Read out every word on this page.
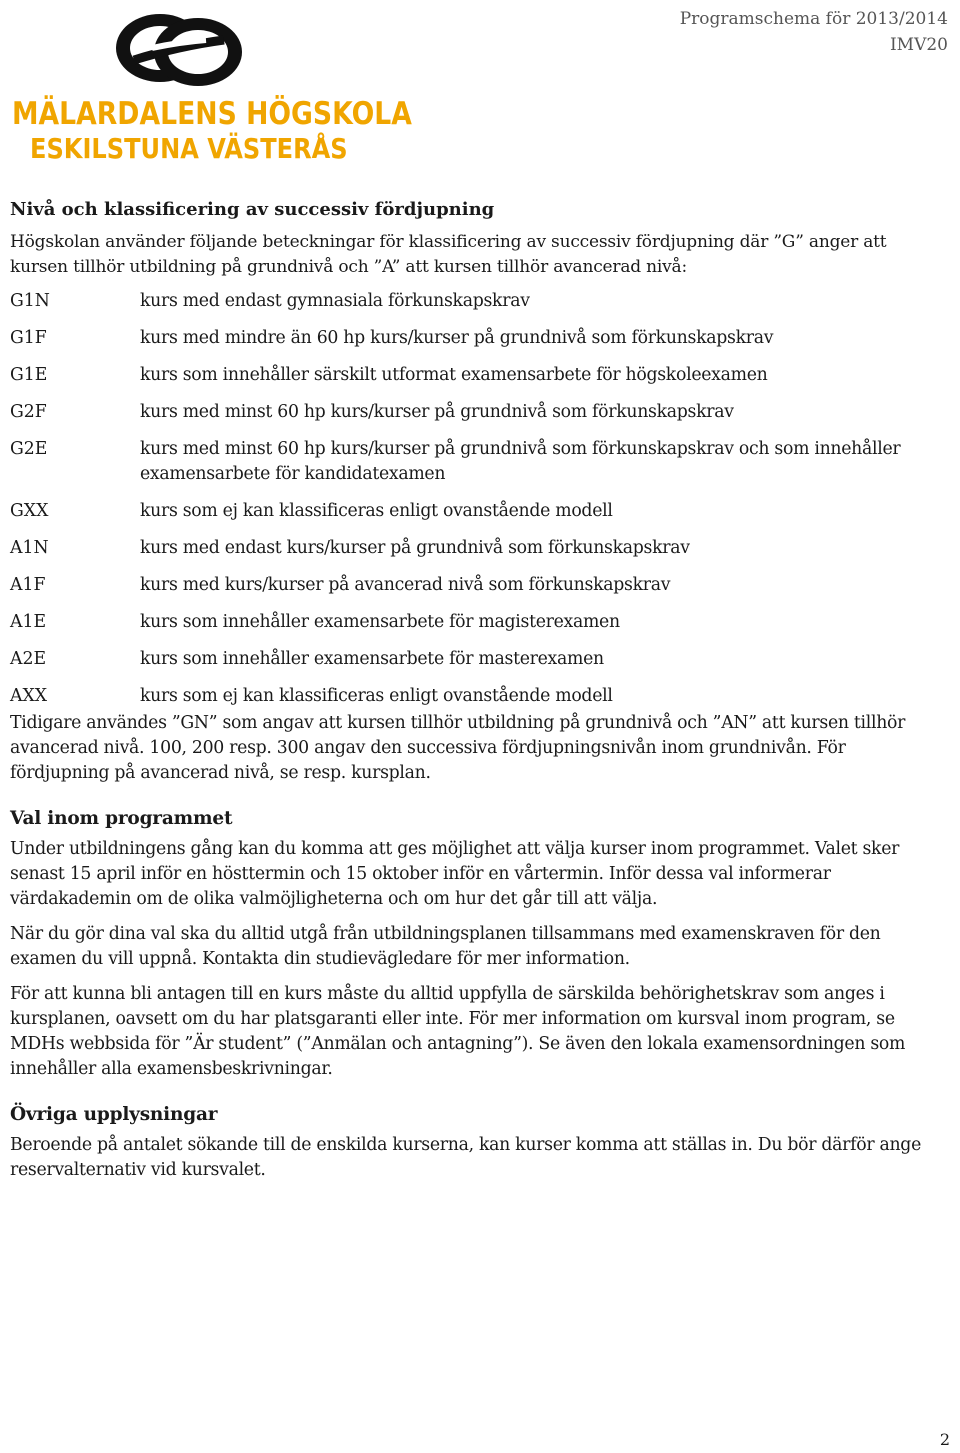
MÄLARDALENS HÖGSKOLA
ESKILSTUNA VÄSTERÅS
Programschema för 2013/2014
IMV20
Nivå och klassificering av successiv fördjupning

Högskolan använder följande beteckningar för klassificering av successiv fördjupning där ”G” anger att kursen tillhör utbildning på grundnivå och ”A” att kursen tillhör avancerad nivå:

G1N	kurs med endast gymnasiala förkunskapskrav
G1F	kurs med mindre än 60 hp kurs/kurser på grundnivå som förkunskapskrav
G1E	kurs som innehåller särskilt utformat examensarbete för högskoleexamen
G2F	kurs med minst 60 hp kurs/kurser på grundnivå som förkunskapskrav
G2E	kurs med minst 60 hp kurs/kurser på grundnivå som förkunskapskrav och som innehåller examensarbete för kandidatexamen
GXX	kurs som ej kan klassificeras enligt ovanstående modell
A1N	kurs med endast kurs/kurser på grundnivå som förkunskapskrav
A1F	kurs med kurs/kurser på avancerad nivå som förkunskapskrav
A1E	kurs som innehåller examensarbete för magisterexamen
A2E	kurs som innehåller examensarbete för masterexamen
AXX	kurs som ej kan klassificeras enligt ovanstående modell

Tidigare användes ”GN” som angav att kursen tillhör utbildning på grundnivå och ”AN” att kursen tillhör avancerad nivå. 100, 200 resp. 300 angav den successiva fördjupningsnivån inom grundnivån. För fördjupning på avancerad nivå, se resp. kursplan.

Val inom programmet

Under utbildningens gång kan du komma att ges möjlighet att välja kurser inom programmet. Valet sker senast 15 april inför en hösttermin och 15 oktober inför en vårtermin. Inför dessa val informerar värdakademin om de olika valmöjligheterna och om hur det går till att välja.

När du gör dina val ska du alltid utgå från utbildningsplanen tillsammans med examenskraven för den examen du vill uppnå. Kontakta din studievägledare för mer information.

För att kunna bli antagen till en kurs måste du alltid uppfylla de särskilda behörighetskrav som anges i kursplanen, oavsett om du har platsgaranti eller inte. För mer information om kursval inom program, se MDHs webbsida för ”Är student” (”Anmälan och antagning”). Se även den lokala examensordningen som innehåller alla examensbeskrivningar.

Övriga upplysningar

Beroende på antalet sökande till de enskilda kurserna, kan kurser komma att ställas in. Du bör därför ange reservalternativ vid kursvalet.

2
